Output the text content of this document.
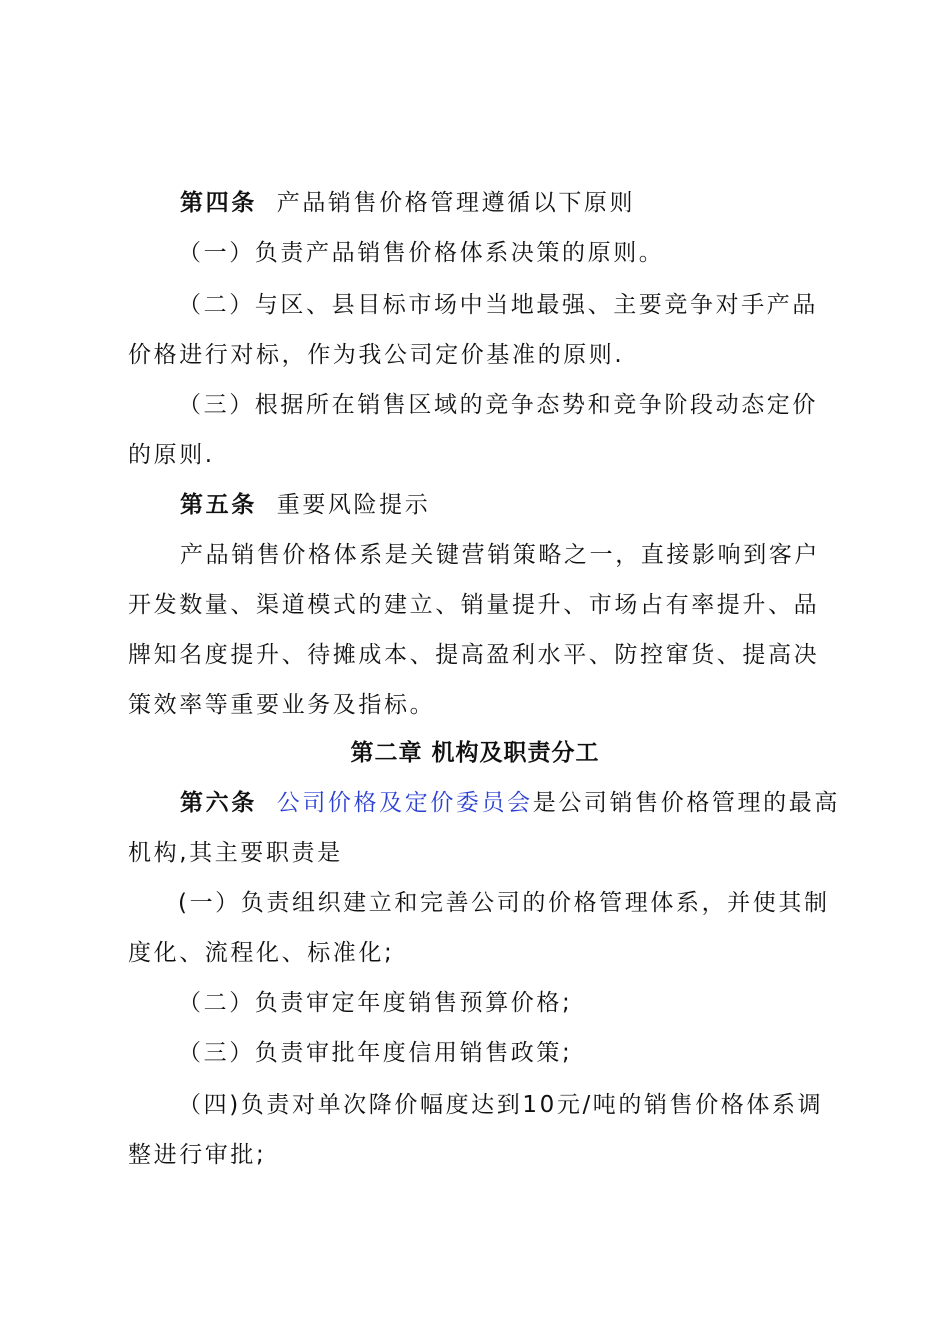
第四条 产品销售价格管理遵循以下原则
（一）负责产品销售价格体系决策的原则。
（二）与区、县目标市场中当地最强、主要竞争对手产品
价格进行对标，作为我公司定价基准的原则.
（三）根据所在销售区域的竞争态势和竞争阶段动态定价
的原则.
第五条 重要风险提示
产品销售价格体系是关键营销策略之一，直接影响到客户
开发数量、渠道模式的建立、销量提升、市场占有率提升、品
牌知名度提升、待摊成本、提高盈利水平、防控窜货、提高决
策效率等重要业务及指标。
第二章 机构及职责分工
第六条 公司价格及定价委员会是公司销售价格管理的最高
机构,其主要职责是
(一）负责组织建立和完善公司的价格管理体系，并使其制
度化、流程化、标准化;
（二）负责审定年度销售预算价格;
（三）负责审批年度信用销售政策;
（四)负责对单次降价幅度达到10元/吨的销售价格体系调
整进行审批;
